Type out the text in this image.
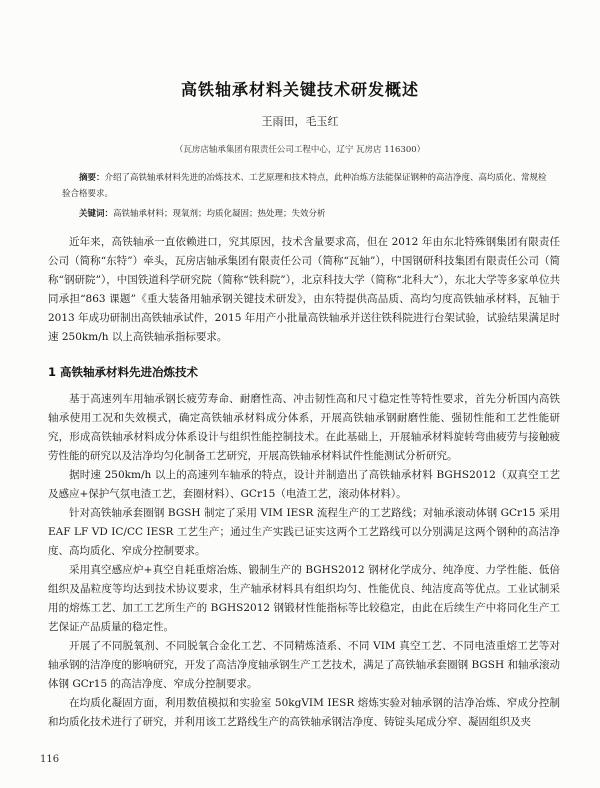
高铁轴承材料关键技术研发概述
王雨田，毛玉红
（瓦房店轴承集团有限责任公司工程中心，辽宁 瓦房店 116300）
摘要：介绍了高铁轴承材料先进的冶炼技术、工艺原理和技术特点，此种冶炼方法能保证钢种的高洁净度、高均质化、常规检验合格要求。
关键词：高铁轴承材料；现氧剂；均质化凝固；热处理；失效分析

近年来，高铁轴承一直依赖进口，究其原因，技术含量要求高，但在 2012 年由东北特殊钢集团有限责任公司（简称“东特”）牵头，瓦房店轴承集团有限责任公司（简称“瓦轴”），中国钢研科技集团有限责任公司（简称“钢研院”），中国铁道科学研究院（简称“铁科院”），北京科技大学（简称“北科大”），东北大学等多家单位共同承担“863 课题”《重大装备用轴承钢关键技术研发》，由东特提供高品质、高均匀度高铁轴承材料，瓦轴于 2013 年成功研制出高铁轴承试件，2015 年用产小批量高铁轴承并送往铁科院进行台架试验，试验结果满足时速 250km/h 以上高铁轴承指标要求。

1 高铁轴承材料先进冶炼技术

基于高速列车用轴承钢长疲劳寿命、耐磨性高、冲击韧性高和尺寸稳定性等特性要求，首先分析国内高铁轴承使用工况和失效模式，确定高铁轴承材料成分体系，开展高铁轴承钢耐磨性能、强韧性能和工艺性能研究，形成高铁轴承材料成分体系设计与组织性能控制技术。在此基础上，开展轴承材料旋转弯曲疲劳与接触疲劳性能的研究以及洁净均匀化制备工艺研究，开展高铁轴承材料试件性能测试分析研究。

据时速 250km/h 以上的高速列车轴承的特点，设计并制造出了高铁轴承材料 BGHS2012（双真空工艺及感应+保护气氛电渣工艺，套圈材料）、GCr15（电渣工艺，滚动体材料）。

针对高铁轴承套圈钢 BGSH 制定了采用 VIM IESR 流程生产的工艺路线；对轴承滚动体钢 GCr15 采用 EAF LF VD IC/CC IESR 工艺生产；通过生产实践已证实这两个工艺路线可以分别满足这两个钢种的高洁净度、高均质化、窄成分控制要求。

采用真空感应炉+真空自耗重熔冶炼、锻制生产的 BGHS2012 钢材化学成分、纯净度、力学性能、低倍组织及晶粒度等均达到技术协议要求，生产轴承材料具有组织均匀、性能优良、纯洁度高等优点。工业试制采用的熔炼工艺、加工工艺所生产的 BGHS2012 钢锻材性能指标等比较稳定，由此在后续生产中将同化生产工艺保证产品质量的稳定性。

开展了不同脱氧剂、不同脱氧合金化工艺、不同精炼渣系、不同 VIM 真空工艺、不同电渣重熔工艺等对轴承钢的洁净度的影响研究，开发了高洁净度轴承钢生产工艺技术，满足了高铁轴承套圈钢 BGSH 和轴承滚动体钢 GCr15 的高洁净度、窄成分控制要求。

在均质化凝固方面，利用数值模拟和实验室 50kgVIM IESR 熔炼实验对轴承钢的洁净冶炼、窄成分控制和均质化技术进行了研究，并利用该工艺路线生产的高铁轴承钢洁净度、铸锭头尾成分窄、凝固组织及夹

116
